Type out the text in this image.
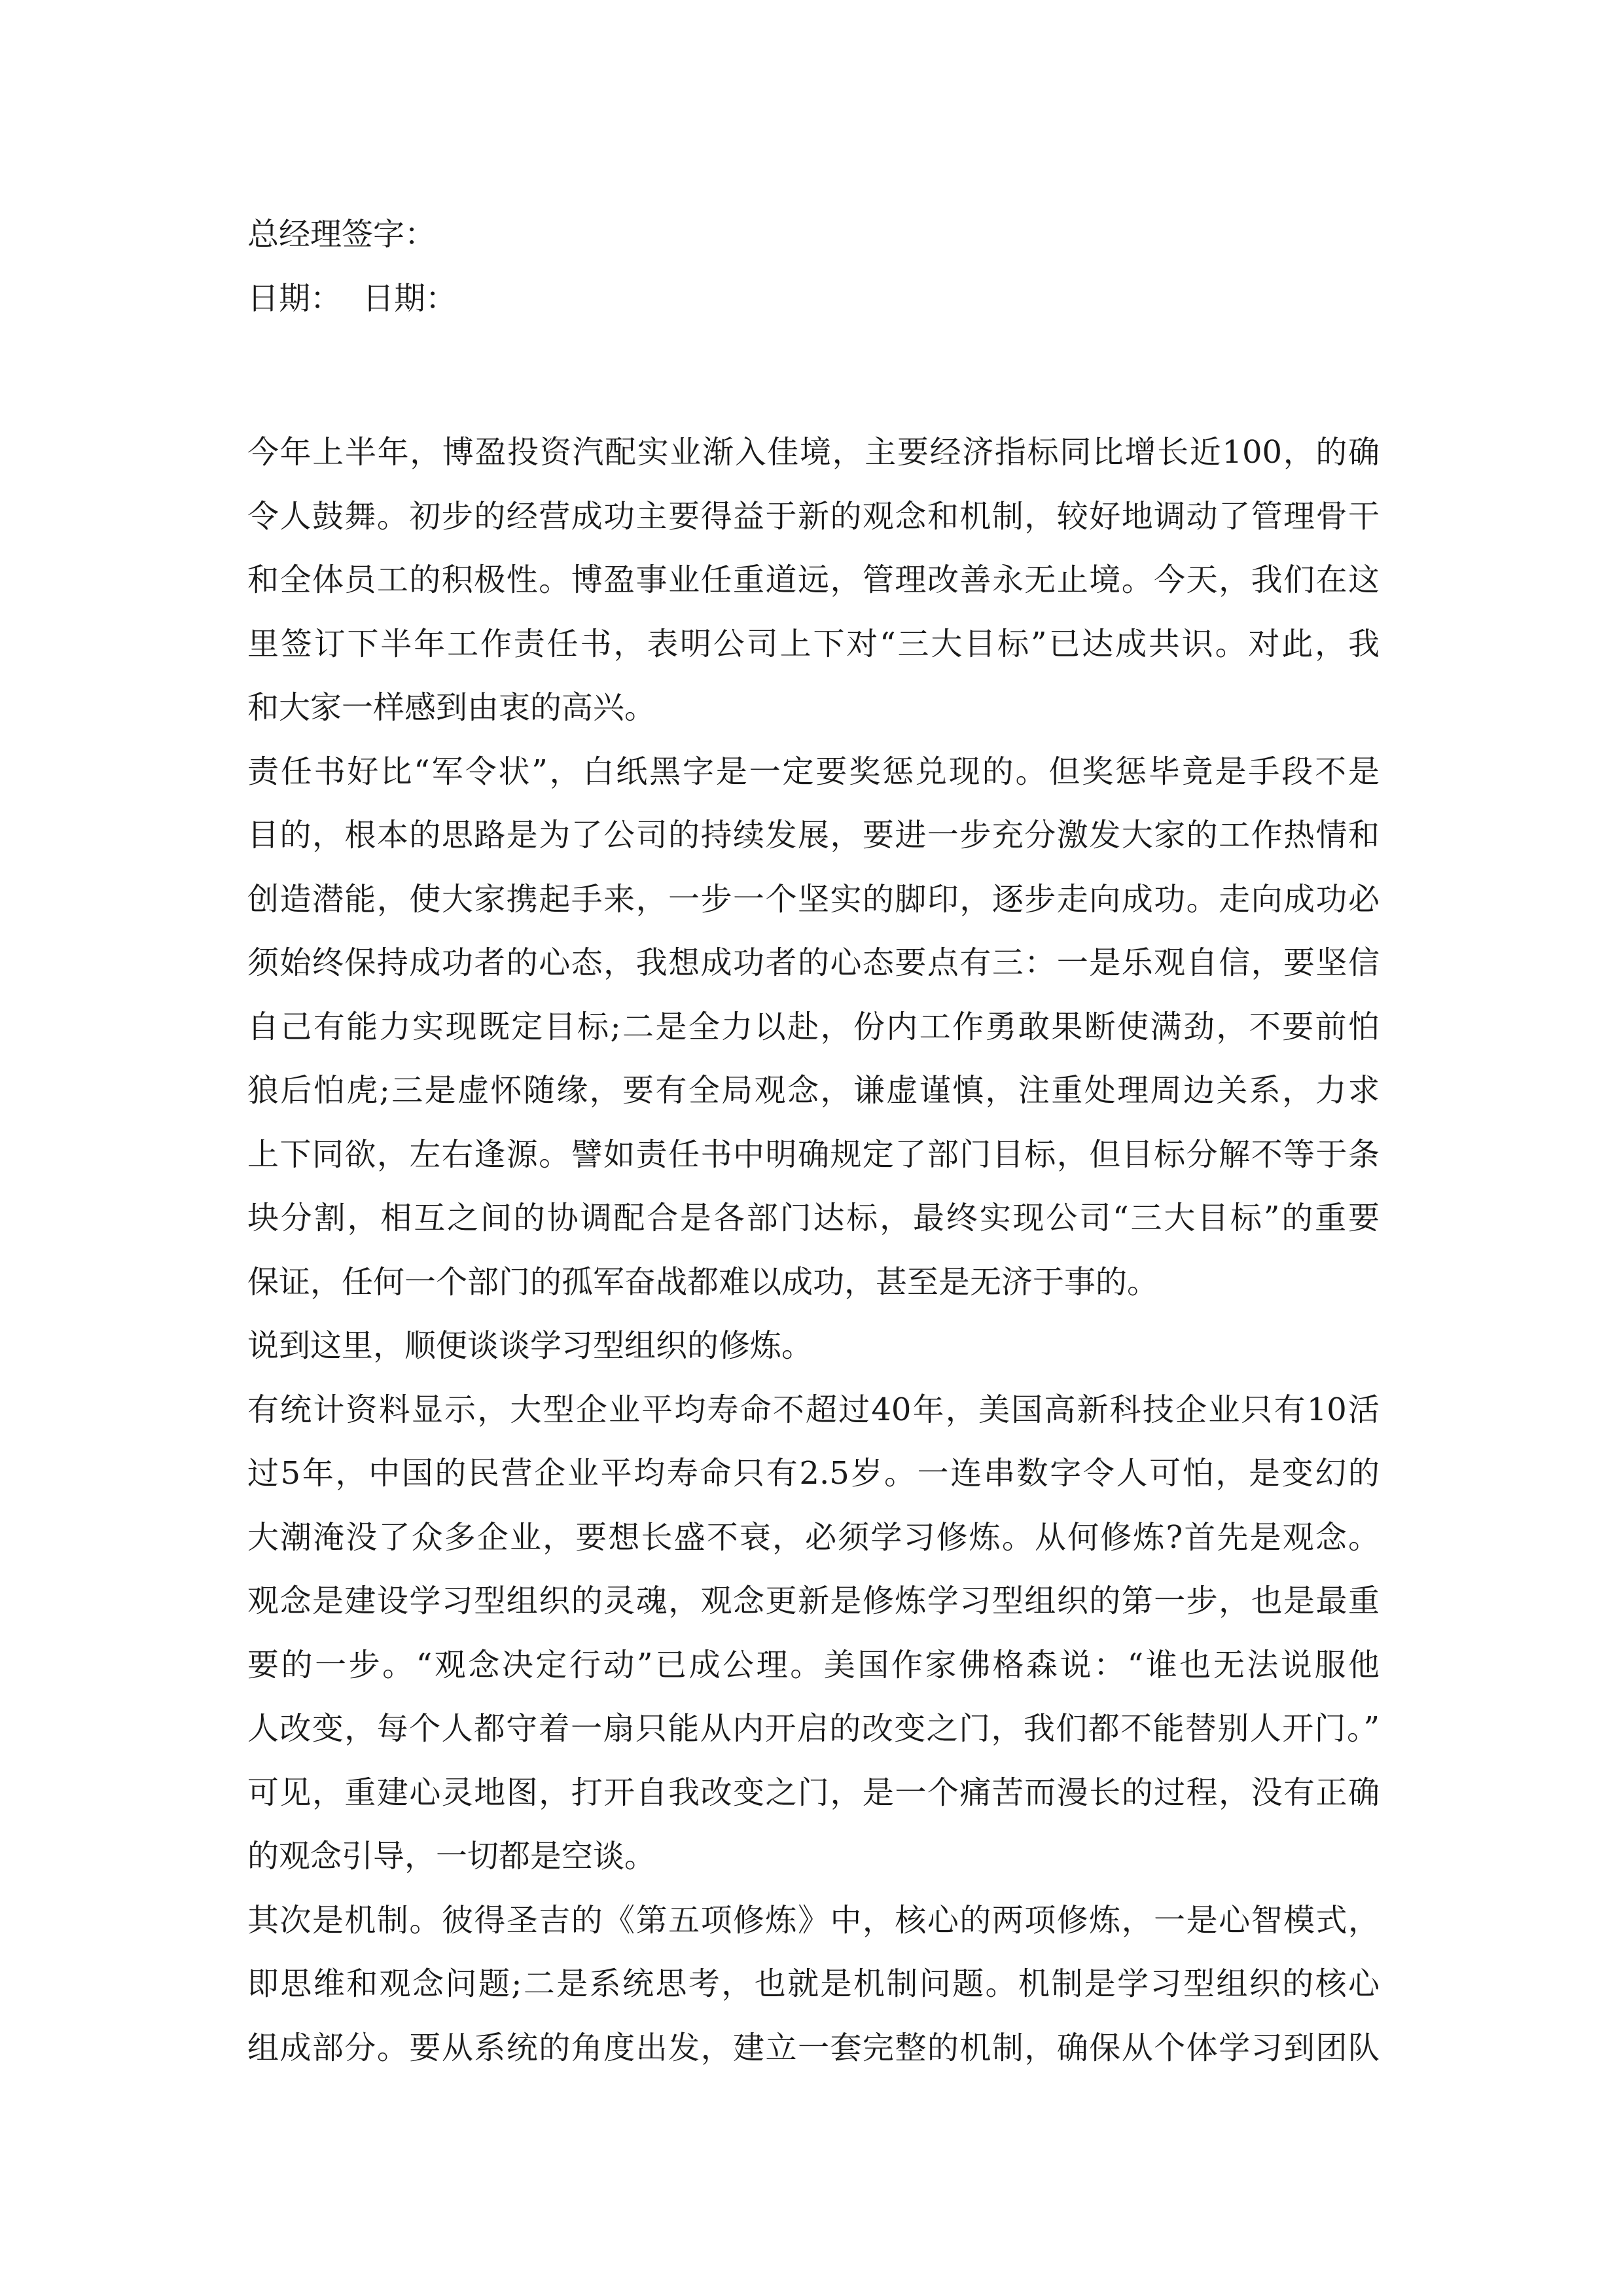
总经理签字：
日期： 日期：
今年上半年，博盈投资汽配实业渐入佳境，主要经济指标同比增长近100，的确
令人鼓舞。初步的经营成功主要得益于新的观念和机制，较好地调动了管理骨干
和全体员工的积极性。博盈事业任重道远，管理改善永无止境。今天，我们在这
里签订下半年工作责任书，表明公司上下对“三大目标”已达成共识。对此，我
和大家一样感到由衷的高兴。
责任书好比“军令状”，白纸黑字是一定要奖惩兑现的。但奖惩毕竟是手段不是
目的，根本的思路是为了公司的持续发展，要进一步充分激发大家的工作热情和
创造潜能，使大家携起手来，一步一个坚实的脚印，逐步走向成功。走向成功必
须始终保持成功者的心态，我想成功者的心态要点有三：一是乐观自信，要坚信
自己有能力实现既定目标;二是全力以赴，份内工作勇敢果断使满劲，不要前怕
狼后怕虎;三是虚怀随缘，要有全局观念，谦虚谨慎，注重处理周边关系，力求
上下同欲，左右逢源。譬如责任书中明确规定了部门目标，但目标分解不等于条
块分割，相互之间的协调配合是各部门达标，最终实现公司“三大目标”的重要
保证，任何一个部门的孤军奋战都难以成功，甚至是无济于事的。
说到这里，顺便谈谈学习型组织的修炼。
有统计资料显示，大型企业平均寿命不超过40年，美国高新科技企业只有10活
过5年，中国的民营企业平均寿命只有2.5岁。一连串数字令人可怕，是变幻的
大潮淹没了众多企业，要想长盛不衰，必须学习修炼。从何修炼?首先是观念。
观念是建设学习型组织的灵魂，观念更新是修炼学习型组织的第一步，也是最重
要的一步。“观念决定行动”已成公理。美国作家佛格森说：“谁也无法说服他
人改变，每个人都守着一扇只能从内开启的改变之门，我们都不能替别人开门。”
可见，重建心灵地图，打开自我改变之门，是一个痛苦而漫长的过程，没有正确
的观念引导，一切都是空谈。
其次是机制。彼得圣吉的《第五项修炼》中，核心的两项修炼，一是心智模式，
即思维和观念问题;二是系统思考，也就是机制问题。机制是学习型组织的核心
组成部分。要从系统的角度出发，建立一套完整的机制，确保从个体学习到团队
